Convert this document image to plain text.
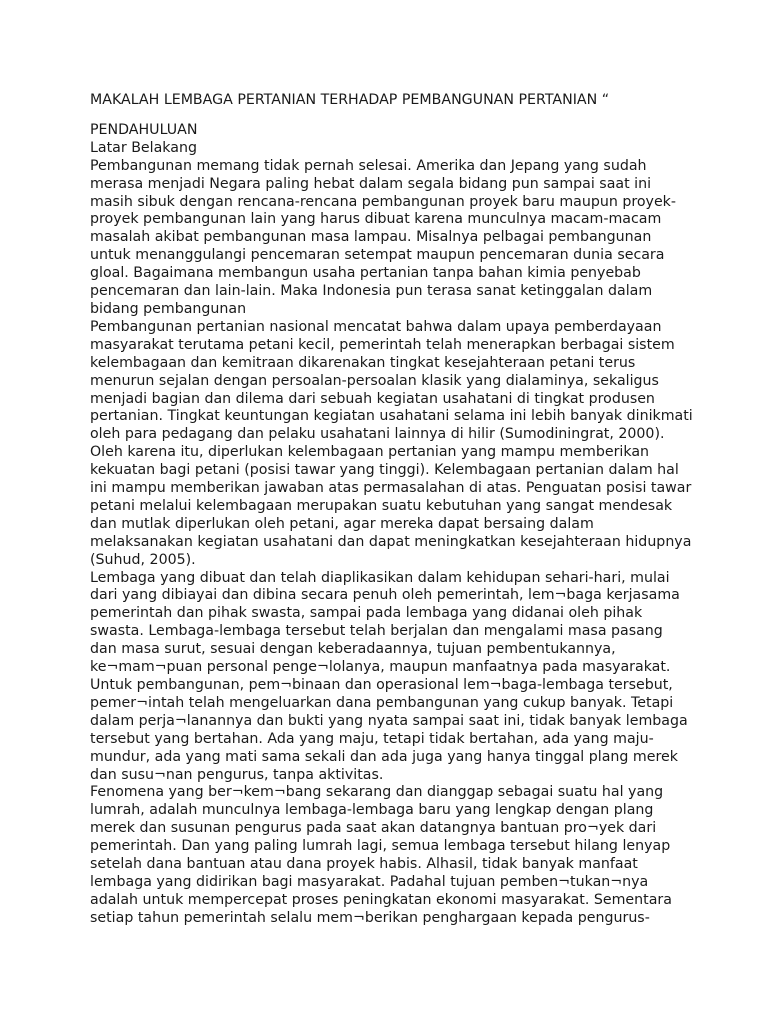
MAKALAH LEMBAGA PERTANIAN TERHADAP PEMBANGUNAN PERTANIAN “
PENDAHULUAN
Latar Belakang
Pembangunan memang tidak pernah selesai. Amerika dan Jepang yang sudah
merasa menjadi Negara paling hebat dalam segala bidang pun sampai saat ini
masih sibuk dengan rencana-rencana pembangunan proyek baru maupun proyek-
proyek pembangunan lain yang harus dibuat karena munculnya macam-macam
masalah akibat pembangunan masa lampau. Misalnya pelbagai pembangunan
untuk menanggulangi pencemaran setempat maupun pencemaran dunia secara
gloal. Bagaimana membangun usaha pertanian tanpa bahan kimia penyebab
pencemaran dan lain-lain. Maka Indonesia pun terasa sanat ketinggalan dalam
bidang pembangunan
Pembangunan pertanian nasional mencatat bahwa dalam upaya pemberdayaan
masyarakat terutama petani kecil, pemerintah telah menerapkan berbagai sistem
kelembagaan dan kemitraan dikarenakan tingkat kesejahteraan petani terus
menurun sejalan dengan persoalan-persoalan klasik yang dialaminya, sekaligus
menjadi bagian dan dilema dari sebuah kegiatan usahatani di tingkat produsen
pertanian. Tingkat keuntungan kegiatan usahatani selama ini lebih banyak dinikmati
oleh para pedagang dan pelaku usahatani lainnya di hilir (Sumodiningrat, 2000).
Oleh karena itu, diperlukan kelembagaan pertanian yang mampu memberikan
kekuatan bagi petani (posisi tawar yang tinggi). Kelembagaan pertanian dalam hal
ini mampu memberikan jawaban atas permasalahan di atas. Penguatan posisi tawar
petani melalui kelembagaan merupakan suatu kebutuhan yang sangat mendesak
dan mutlak diperlukan oleh petani, agar mereka dapat bersaing dalam
melaksanakan kegiatan usahatani dan dapat meningkatkan kesejahteraan hidupnya
(Suhud, 2005).
Lembaga yang dibuat dan telah diaplikasikan dalam kehidupan sehari-hari, mulai
dari yang dibiayai dan dibina secara penuh oleh pemerintah, lem¬baga kerjasama
pemerintah dan pihak swasta, sampai pada lembaga yang didanai oleh pihak
swasta. Lembaga-lembaga tersebut telah berjalan dan mengalami masa pasang
dan masa surut, sesuai dengan keberadaannya, tujuan pembentukannya,
ke¬mam¬puan personal penge¬lolanya, maupun manfaatnya pada masyarakat.
Untuk pembangunan, pem¬binaan dan operasional lem¬baga-lembaga tersebut,
pemer¬intah telah mengeluarkan dana pembangunan yang cukup banyak. Tetapi
dalam perja¬lanannya dan bukti yang nyata sampai saat ini, tidak banyak lembaga
tersebut yang bertahan. Ada yang maju, tetapi tidak bertahan, ada yang maju-
mundur, ada yang mati sama sekali dan ada juga yang hanya tinggal plang merek
dan susu¬nan pengurus, tanpa aktivitas.
Fenomena yang ber¬kem¬bang sekarang dan dianggap sebagai suatu hal yang
lumrah, adalah munculnya lembaga-lembaga baru yang lengkap dengan plang
merek dan susunan pengurus pada saat akan datangnya bantuan pro¬yek dari
pemerintah. Dan yang paling lumrah lagi, semua lembaga tersebut hilang lenyap
setelah dana bantuan atau dana proyek habis. Alhasil, tidak banyak manfaat
lembaga yang didirikan bagi masyarakat. Padahal tujuan pemben¬tukan¬nya
adalah untuk mempercepat proses peningkatan ekonomi masyarakat. Sementara
setiap tahun pemerintah selalu mem¬berikan penghargaan kepada pengurus-
